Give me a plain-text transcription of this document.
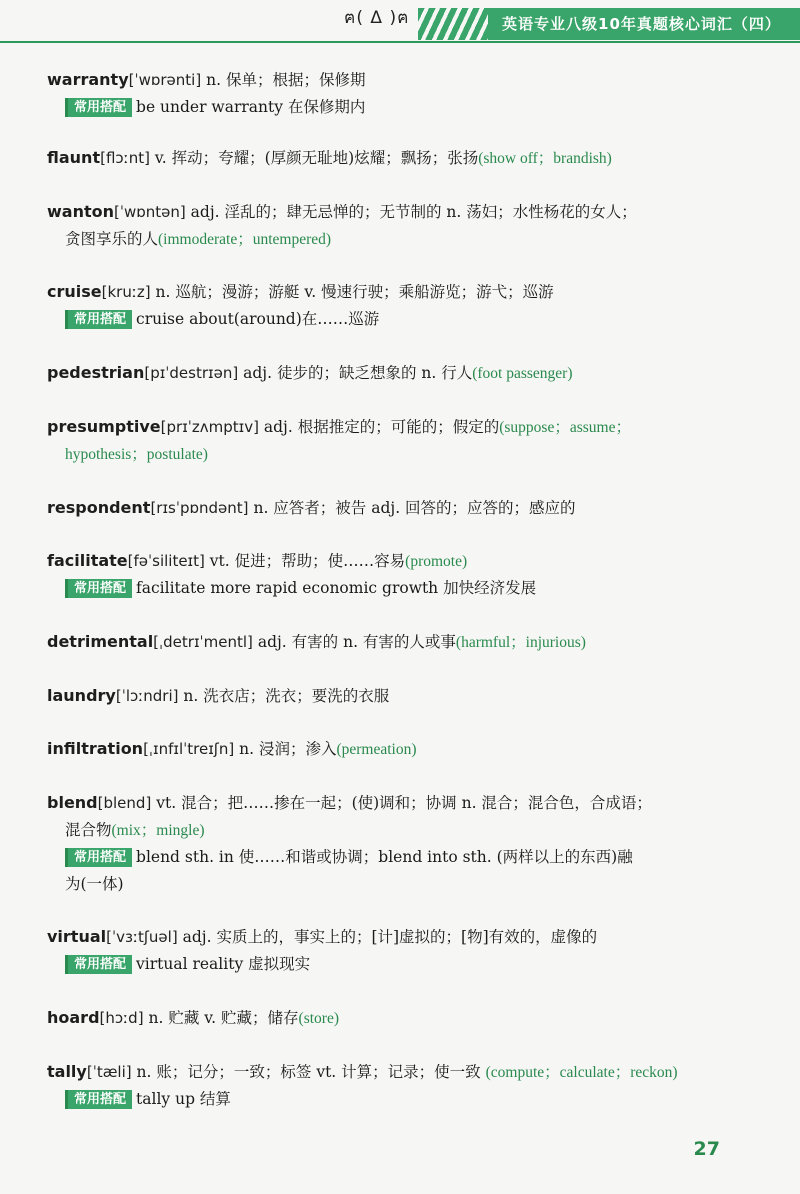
ฅ( Δ )ฅ	英语专业八级10年真题核心词汇（四）
warranty[ˈwɒrənti] n. 保单；根据；保修期
常用搭配 be under warranty 在保修期内
flaunt[flɔːnt] v. 挥动；夸耀；(厚颜无耻地)炫耀；飘扬；张扬(show off；brandish)
wanton[ˈwɒntən] adj. 淫乱的；肆无忌惮的；无节制的 n. 荡妇；水性杨花的女人；
贪图享乐的人(immoderate；untempered)
cruise[kruːz] n. 巡航；漫游；游艇 v. 慢速行驶；乘船游览；游弋；巡游
常用搭配 cruise about(around)在……巡游
pedestrian[pɪˈdestrɪən] adj. 徒步的；缺乏想象的 n. 行人(foot passenger)
presumptive[prɪˈzʌmptɪv] adj. 根据推定的；可能的；假定的(suppose；assume；
hypothesis；postulate)
respondent[rɪsˈpɒndənt] n. 应答者；被告 adj. 回答的；应答的；感应的
facilitate[fəˈsiliteɪt] vt. 促进；帮助；使……容易(promote)
常用搭配 facilitate more rapid economic growth 加快经济发展
detrimental[ˌdetrɪˈmentl] adj. 有害的 n. 有害的人或事(harmful；injurious)
laundry[ˈlɔːndri] n. 洗衣店；洗衣；要洗的衣服
infiltration[ˌɪnfɪlˈtreɪʃn] n. 浸润；渗入(permeation)
blend[blend] vt. 混合；把……掺在一起；(使)调和；协调 n. 混合；混合色，合成语；
混合物(mix；mingle)
常用搭配 blend sth. in 使……和谐或协调；blend into sth. (两样以上的东西)融
为(一体)
virtual[ˈvɜːtʃuəl] adj. 实质上的，事实上的；[计]虚拟的；[物]有效的，虚像的
常用搭配 virtual reality 虚拟现实
hoard[hɔːd] n. 贮藏 v. 贮藏；储存(store)
tally[ˈtæli] n. 账；记分；一致；标签 vt. 计算；记录；使一致 (compute；calculate；reckon)
常用搭配 tally up 结算
27
